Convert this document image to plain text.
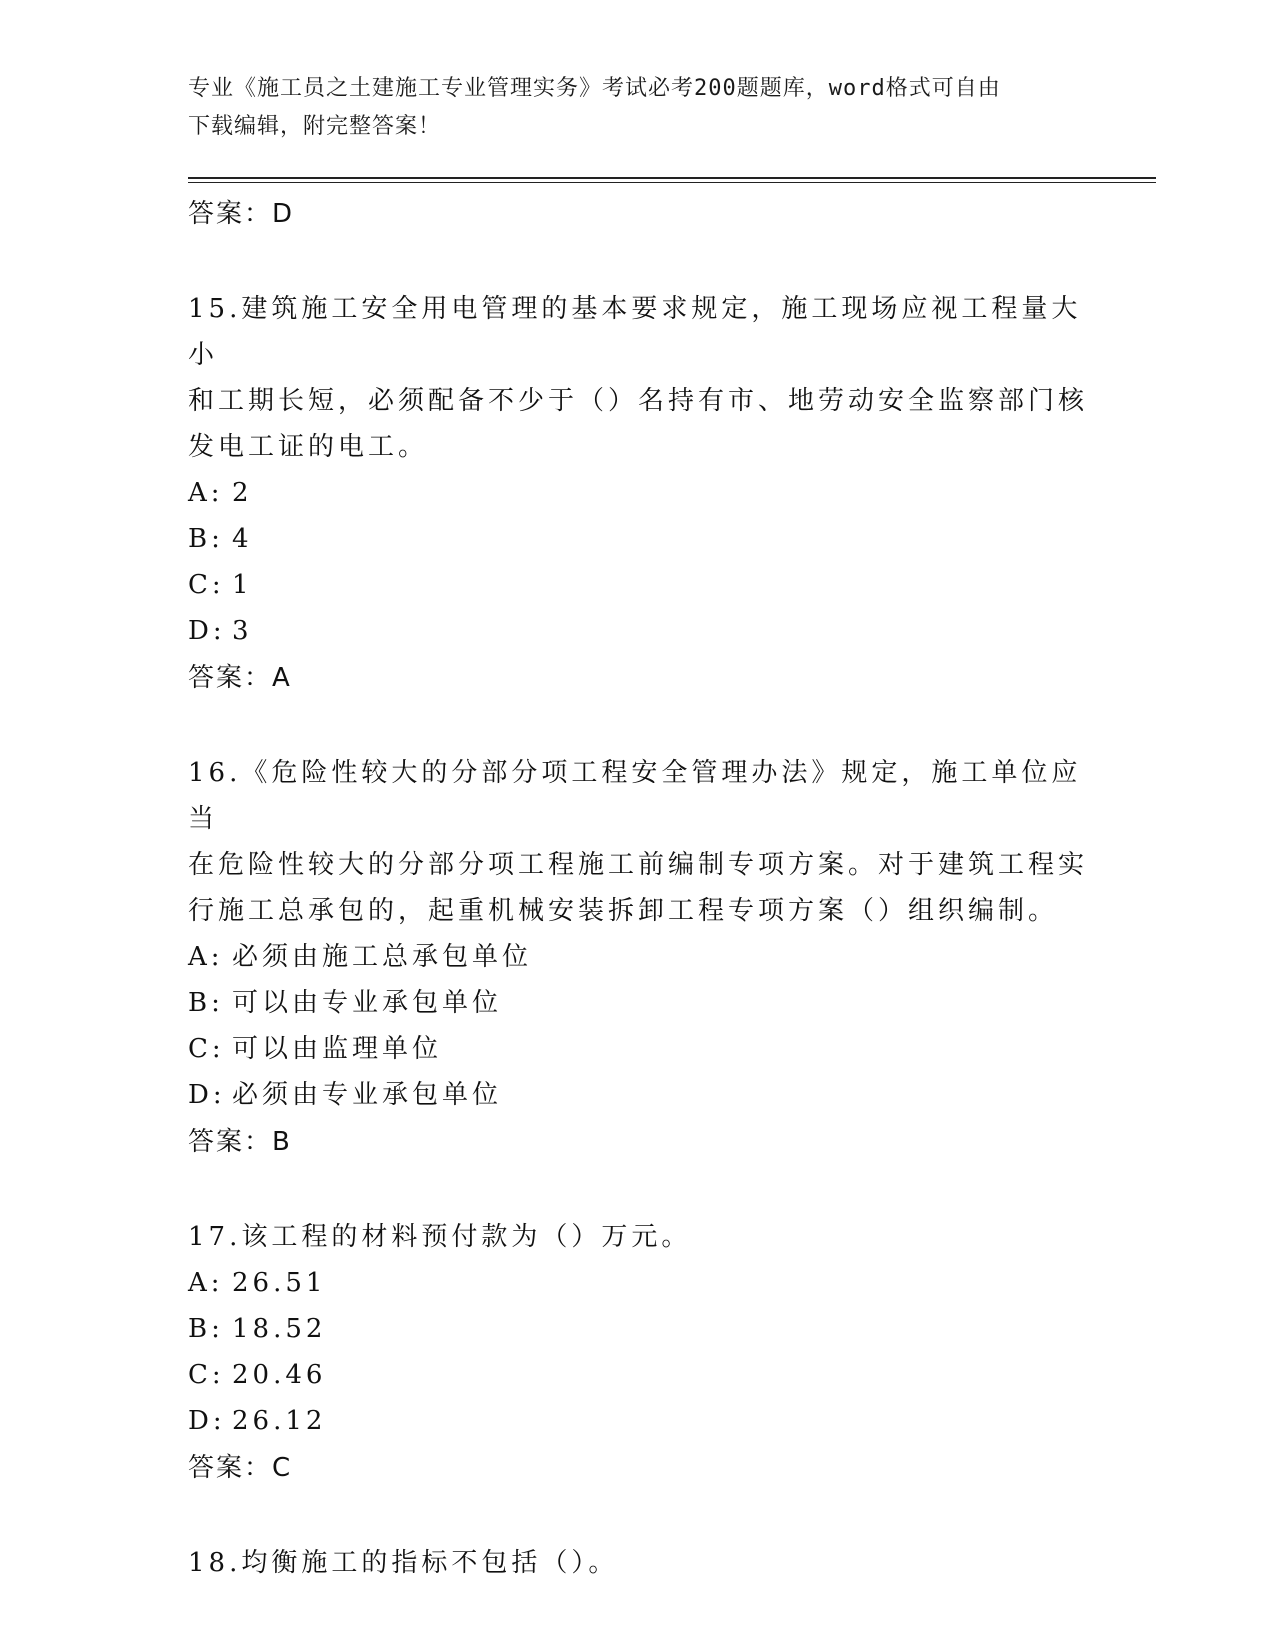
专业《施工员之土建施工专业管理实务》考试必考200题题库，word格式可自由
下载编辑，附完整答案！
答案：D
15.建筑施工安全用电管理的基本要求规定，施工现场应视工程量大小
和工期长短，必须配备不少于（）名持有市、地劳动安全监察部门核
发电工证的电工。
A: 2
B: 4
C: 1
D: 3
答案：A
16.《危险性较大的分部分项工程安全管理办法》规定，施工单位应当
在危险性较大的分部分项工程施工前编制专项方案。对于建筑工程实
行施工总承包的，起重机械安装拆卸工程专项方案（）组织编制。
A: 必须由施工总承包单位
B: 可以由专业承包单位
C: 可以由监理单位
D: 必须由专业承包单位
答案：B
17.该工程的材料预付款为（）万元。
A: 26.51
B: 18.52
C: 20.46
D: 26.12
答案：C
18.均衡施工的指标不包括（）。
